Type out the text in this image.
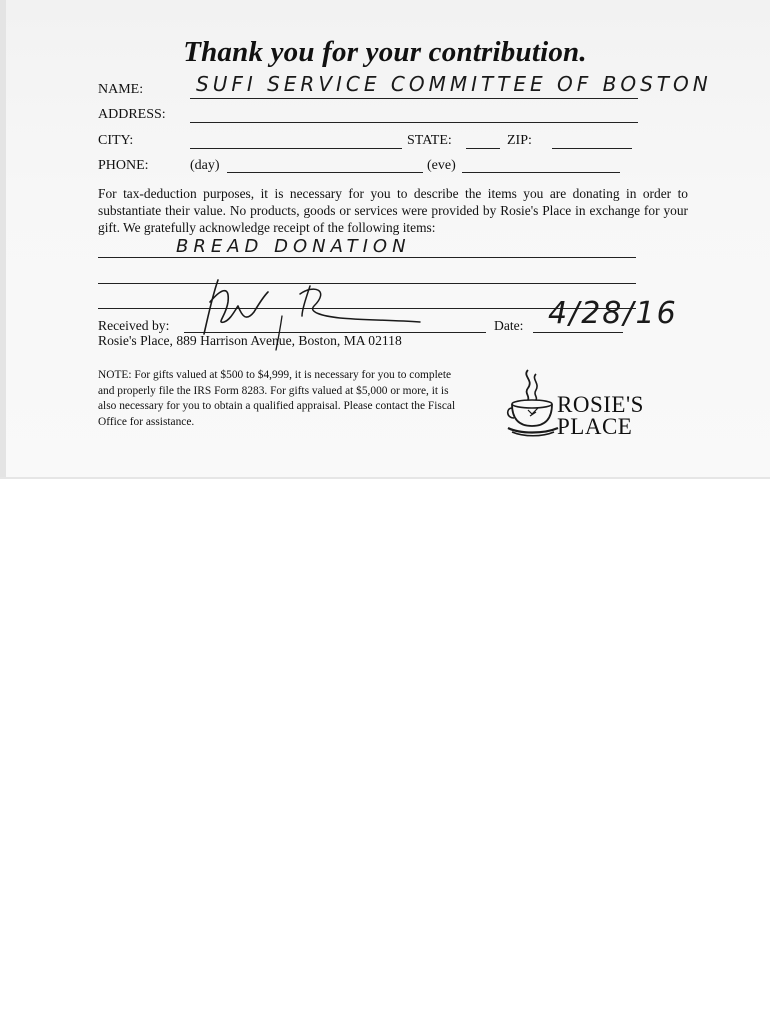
Thank you for your contribution.
NAME:	SUFI SERVICE COMMITTEE OF BOSTON
ADDRESS:
CITY:	STATE:	ZIP:
PHONE:	(day)	(eve)
For tax-deduction purposes, it is necessary for you to describe the items you are donating in order to substantiate their value. No products, goods or services were provided by Rosie's Place in exchange for your gift. We gratefully acknowledge receipt of the following items:
BREAD DONATION
Received by:	Date: 4/28/16
Rosie's Place, 889 Harrison Avenue, Boston, MA 02118
NOTE: For gifts valued at $500 to $4,999, it is necessary for you to complete and properly file the IRS Form 8283. For gifts valued at $5,000 or more, it is also necessary for you to obtain a qualified appraisal. Please contact the Fiscal Office for assistance.
ROSIE'S
PLACE
